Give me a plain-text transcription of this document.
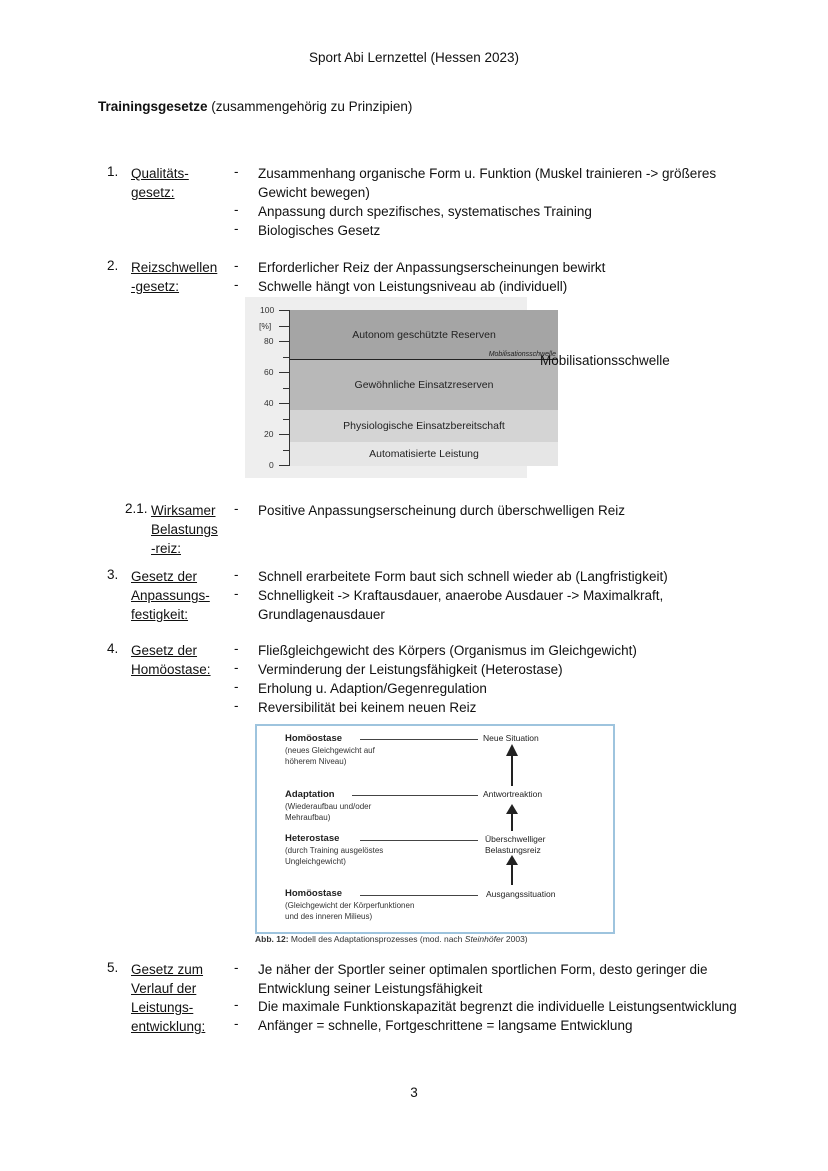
Sport Abi Lernzettel (Hessen 2023)
Trainingsgesetze (zusammengehörig zu Prinzipien)
1. Qualitäts-
gesetz:
- Zusammenhang organische Form u. Funktion (Muskel trainieren -> größeres
Gewicht bewegen)
- Anpassung durch spezifisches, systematisches Training
- Biologisches Gesetz
2. Reizschwellen
-gesetz:
- Erforderlicher Reiz der Anpassungserscheinungen bewirkt
- Schwelle hängt von Leistungsniveau ab (individuell)
Autonom geschützte Reserven
Mobilisationsschwelle
Gewöhnliche Einsatzreserven
Physiologische Einsatzbereitschaft
Automatisierte Leistung
100
[%]
80
60
40
20
0
Mobilisationsschwelle
2.1. Wirksamer
Belastungs
-reiz:
- Positive Anpassungserscheinung durch überschwelligen Reiz
3. Gesetz der
Anpassungs-
festigkeit:
- Schnell erarbeitete Form baut sich schnell wieder ab (Langfristigkeit)
- Schnelligkeit -> Kraftausdauer, anaerobe Ausdauer -> Maximalkraft,
Grundlagenausdauer
4. Gesetz der
Homöostase:
- Fließgleichgewicht des Körpers (Organismus im Gleichgewicht)
- Verminderung der Leistungsfähigkeit (Heterostase)
- Erholung u. Adaption/Gegenregulation
- Reversibilität bei keinem neuen Reiz
Homöostase
(neues Gleichgewicht auf
höherem Niveau)
Neue Situation
Adaptation
(Wiederaufbau und/oder
Mehraufbau)
Antwortreaktion
Heterostase
(durch Training ausgelöstes
Ungleichgewicht)
Überschwelliger
Belastungsreiz
Homöostase
(Gleichgewicht der Körperfunktionen
und des inneren Milieus)
Ausgangssituation
Abb. 12: Modell des Adaptationsprozesses (mod. nach Steinhöfer 2003)
5. Gesetz zum
Verlauf der
Leistungs-
entwicklung:
- Je näher der Sportler seiner optimalen sportlichen Form, desto geringer die
Entwicklung seiner Leistungsfähigkeit
- Die maximale Funktionskapazität begrenzt die individuelle Leistungsentwicklung
- Anfänger = schnelle, Fortgeschrittene = langsame Entwicklung
3
